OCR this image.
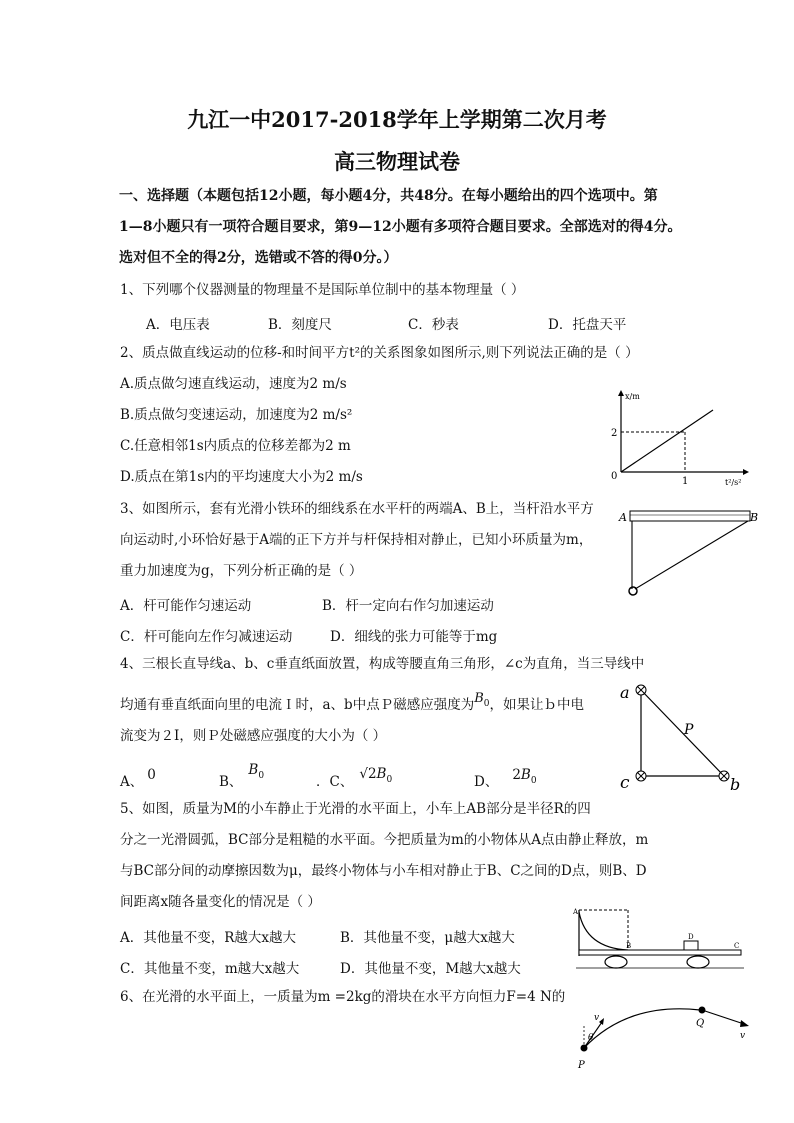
九江一中2017-2018学年上学期第二次月考
高三物理试卷
一、选择题（本题包括12小题，每小题4分，共48分。在每小题给出的四个选项中。第
1—8小题只有一项符合题目要求，第9—12小题有多项符合题目要求。全部选对的得4分。
选对但不全的得2分，选错或不答的得0分。）
1、下列哪个仪器测量的物理量不是国际单位制中的基本物理量（ ）
A．电压表	B．刻度尺	C．秒表	D．托盘天平
2、质点做直线运动的位移-和时间平方t²的关系图象如图所示,则下列说法正确的是（ ）
A.质点做匀速直线运动，速度为2 m/s
B.质点做匀变速运动，加速度为2 m/s²
C.任意相邻1s内质点的位移差都为2 m
D.质点在第1s内的平均速度大小为2 m/s
x/m
t²/s²
2
1
0
3、如图所示，套有光滑小铁环的细线系在水平杆的两端A、B上，当杆沿水平方
向运动时,小环恰好悬于A端的正下方并与杆保持相对静止，已知小环质量为m，
重力加速度为g，下列分析正确的是（ ）
A．杆可能作匀速运动	B．杆一定向右作匀加速运动
C．杆可能向左作匀减速运动	D．细线的张力可能等于mg
A	B
4、三根长直导线a、b、c垂直纸面放置，构成等腰直角三角形，∠c为直角，当三导线中
均通有垂直纸面向里的电流Ｉ时，a、b中点Ｐ磁感应强度为$B_0$，如果让ｂ中电
流变为２I，则Ｐ处磁感应强度的大小为（ ）
A、 0	B、$B_0$	．C、 $√2B_0$	D、 $2B_0$
a
c	b
P
5、如图，质量为M的小车静止于光滑的水平面上，小车上AB部分是半径R的四
分之一光滑圆弧，BC部分是粗糙的水平面。今把质量为m的小物体从A点由静止释放，m
与BC部分间的动摩擦因数为μ，最终小物体与小车相对静止于B、C之间的D点，则B、D
间距离x随各量变化的情况是（ ）
A．其他量不变，R越大x越大	B．其他量不变，μ越大x越大
C．其他量不变，m越大x越大	D．其他量不变，M越大x越大
A
B
D
C
6、在光滑的水平面上，一质量为m =2kg的滑块在水平方向恒力F=4 N的
P
Q
v
v
θ
